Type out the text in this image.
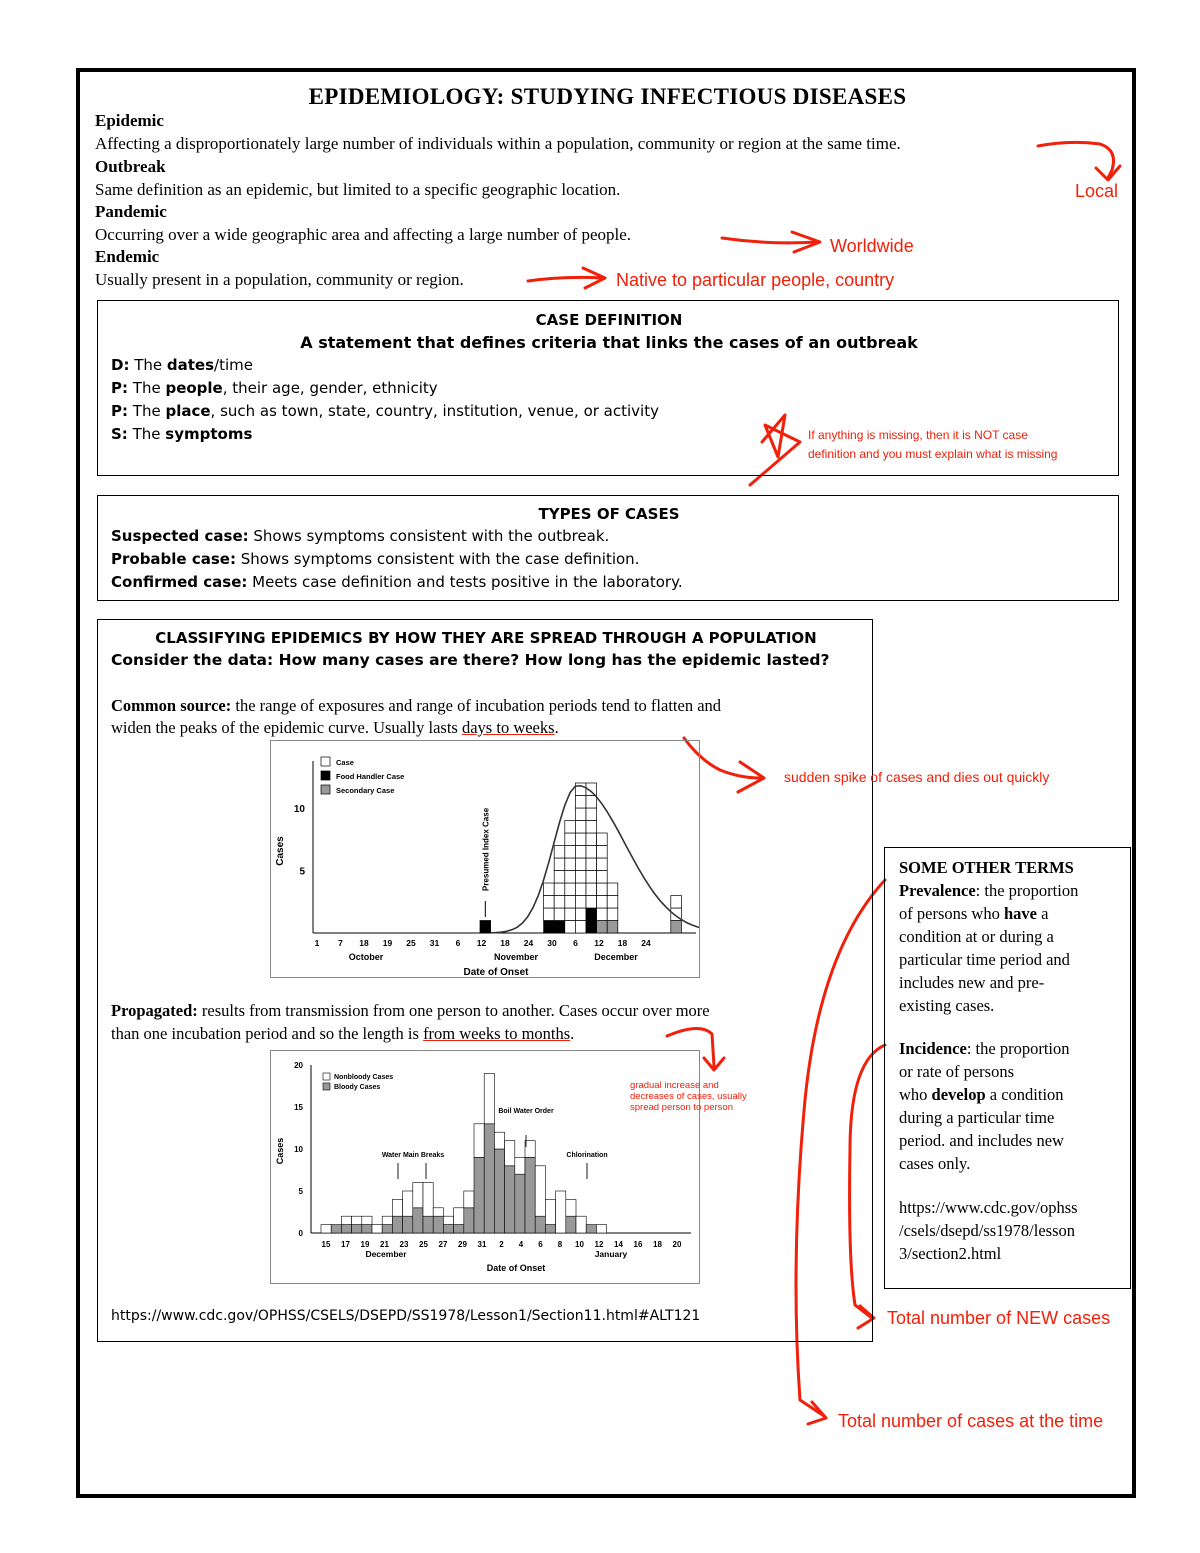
EPIDEMIOLOGY: STUDYING INFECTIOUS DISEASES
Epidemic
Affecting a disproportionately large number of individuals within a population, community or region at the same time.
Outbreak
Same definition as an epidemic, but limited to a specific geographic location.
Pandemic
Occurring over a wide geographic area and affecting a large number of people.
Endemic
Usually present in a population, community or region.
Local
Worldwide
Native to particular people, country
CASE DEFINITION
A statement that defines criteria that links the cases of an outbreak
D: The dates/time
P: The people, their age, gender, ethnicity
P: The place, such as town, state, country, institution, venue, or activity
S: The symptoms	If anything is missing, then it is NOT case
definition and you must explain what is missing
TYPES OF CASES
Suspected case: Shows symptoms consistent with the outbreak.
Probable case: Shows symptoms consistent with the case definition.
Confirmed case: Meets case definition and tests positive in the laboratory.
CLASSIFYING EPIDEMICS BY HOW THEY ARE SPREAD THROUGH A POPULATION
Consider the data: How many cases are there? How long has the epidemic lasted?
Common source: the range of exposures and range of incubation periods tend to flatten and
widen the peaks of the epidemic curve. Usually lasts days to weeks.
Propagated: results from transmission from one person to another. Cases occur over more
than one incubation period and so the length is from weeks to months.
https://www.cdc.gov/OPHSS/CSELS/DSEPD/SS1978/Lesson1/Section11.html#ALT121
5
10
Cases
1 7 18 19 25 31 6 12 18 24 30 6 12 18 24
October	November	December
Date of Onset
Case
Food Handler Case
Secondary Case
Presumed Index Case
sudden spike of cases and dies out quickly
0
5
10
15
20
Cases
15 17 19 21 23 25 27 29 31 2 4 6 8 10 12 14 16 18 20
December	January
Date of Onset
Nonbloody Cases
Bloody Cases
Water Main Breaks
Boil Water Order
Chlorination
gradual increase and
decreases of cases, usually
spread person to person
SOME OTHER TERMS
Prevalence: the proportion
of persons who have a
condition at or during a
particular time period and
includes new and pre-
existing cases.
Incidence: the proportion
or rate of persons
who develop a condition
during a particular time
period. and includes new
cases only.
https://www.cdc.gov/ophss
/csels/dsepd/ss1978/lesson
3/section2.html
Total number of NEW cases
Total number of cases at the time
